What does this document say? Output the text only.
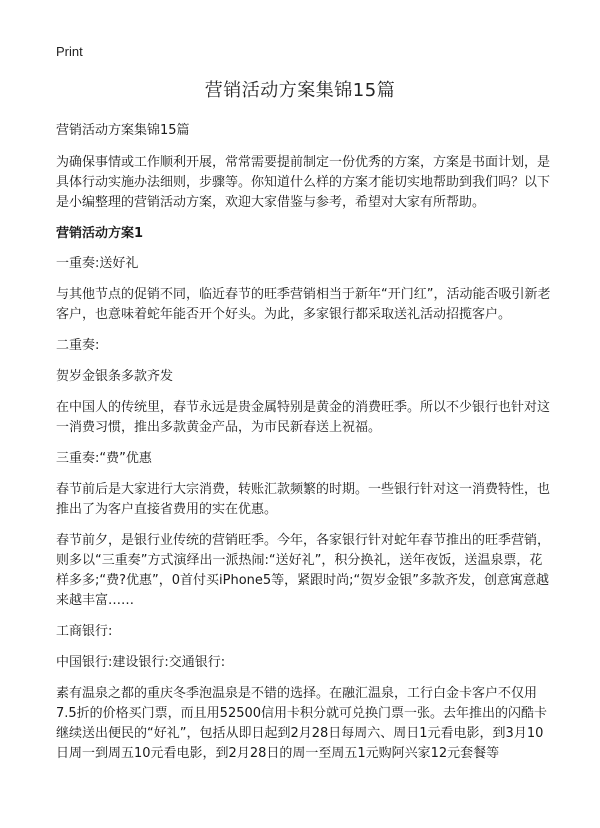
Print
营销活动方案集锦15篇

营销活动方案集锦15篇

为确保事情或工作顺利开展，常常需要提前制定一份优秀的方案，方案是书面计划，是具体行动实施办法细则，步骤等。你知道什么样的方案才能切实地帮助到我们吗？以下是小编整理的营销活动方案，欢迎大家借鉴与参考，希望对大家有所帮助。

营销活动方案1

一重奏:送好礼

与其他节点的促销不同，临近春节的旺季营销相当于新年“开门红”，活动能否吸引新老客户，也意味着蛇年能否开个好头。为此，多家银行都采取送礼活动招揽客户。

二重奏:

贺岁金银条多款齐发

在中国人的传统里，春节永远是贵金属特别是黄金的消费旺季。所以不少银行也针对这一消费习惯，推出多款黄金产品，为市民新春送上祝福。

三重奏:“费”优惠

春节前后是大家进行大宗消费，转账汇款频繁的时期。一些银行针对这一消费特性，也推出了为客户直接省费用的实在优惠。

春节前夕，是银行业传统的营销旺季。今年，各家银行针对蛇年春节推出的旺季营销，则多以“三重奏”方式演绎出一派热闹:“送好礼”，积分换礼，送年夜饭，送温泉票，花样多多;“费?优惠”，0首付买iPhone5等，紧跟时尚;“贺岁金银”多款齐发，创意寓意越来越丰富……

工商银行:

中国银行:建设银行:交通银行:

素有温泉之都的重庆冬季泡温泉是不错的选择。在融汇温泉，工行白金卡客户不仅用7.5折的价格买门票，而且用52500信用卡积分就可兑换门票一张。去年推出的闪酷卡继续送出便民的“好礼”，包括从即日起到2月28日每周六、周日1元看电影，到3月10日周一到周五10元看电影，到2月28日的周一至周五1元购阿兴家12元套餐等
